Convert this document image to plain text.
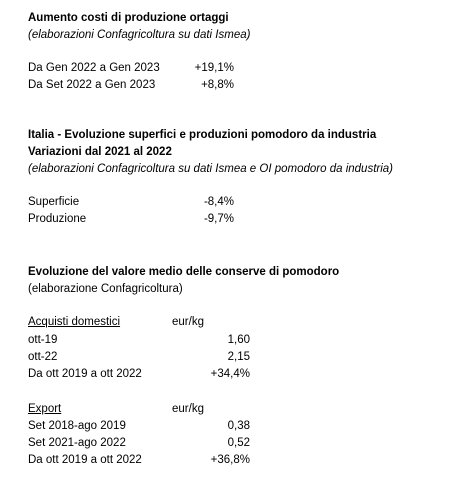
Aumento costi di produzione ortaggi
(elaborazioni Confagricoltura su dati Ismea)
Da Gen 2022 a Gen 2023	+19,1%
Da Set 2022 a Gen 2023	+8,8%
Italia - Evoluzione superfici e produzioni pomodoro da industria
Variazioni dal 2021 al 2022
(elaborazioni Confagricoltura su dati Ismea e OI pomodoro da industria)
Superficie	-8,4%
Produzione	-9,7%
Evoluzione del valore medio delle conserve di pomodoro
(elaborazione Confagricoltura)
Acquisti domestici	eur/kg
ott-19	1,60
ott-22	2,15
Da ott 2019 a ott 2022	+34,4%
Export	eur/kg
Set 2018-ago 2019	0,38
Set 2021-ago 2022	0,52
Da ott 2019 a ott 2022	+36,8%
